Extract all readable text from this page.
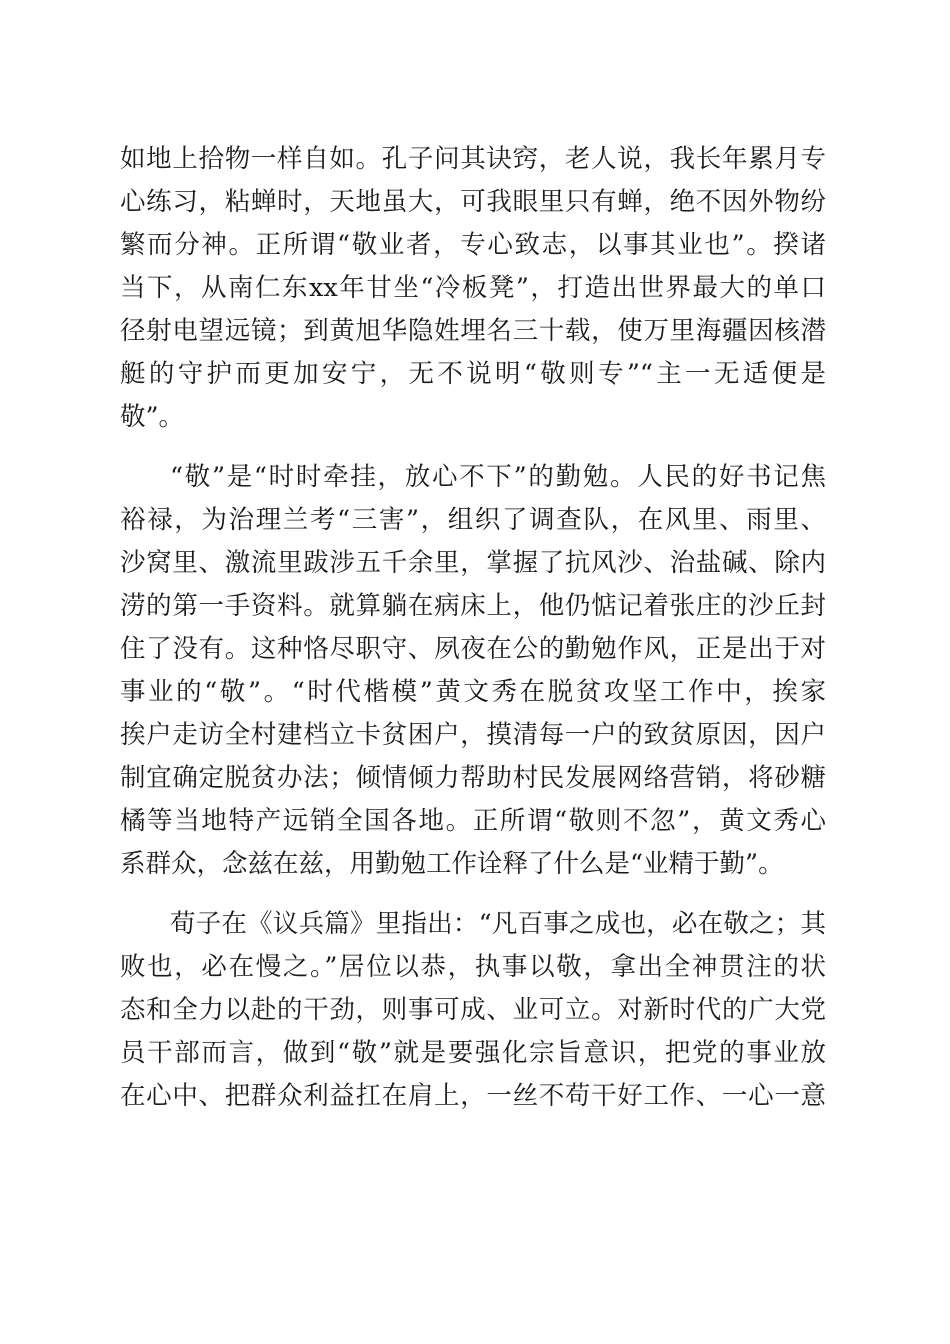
如地上拾物一样自如。孔子问其诀窍，老人说，我长年累月专
心练习，粘蝉时，天地虽大，可我眼里只有蝉，绝不因外物纷
繁而分神。正所谓“敬业者，专心致志，以事其业也”。揆诸
当下，从南仁东xx年甘坐“冷板凳”，打造出世界最大的单口
径射电望远镜；到黄旭华隐姓埋名三十载，使万里海疆因核潜
艇的守护而更加安宁，无不说明“敬则专”“主一无适便是
敬”。
“敬”是“时时牵挂，放心不下”的勤勉。人民的好书记焦
裕禄，为治理兰考“三害”，组织了调查队，在风里、雨里、
沙窝里、激流里跋涉五千余里，掌握了抗风沙、治盐碱、除内
涝的第一手资料。就算躺在病床上，他仍惦记着张庄的沙丘封
住了没有。这种恪尽职守、夙夜在公的勤勉作风，正是出于对
事业的“敬”。“时代楷模”黄文秀在脱贫攻坚工作中，挨家
挨户走访全村建档立卡贫困户，摸清每一户的致贫原因，因户
制宜确定脱贫办法；倾情倾力帮助村民发展网络营销，将砂糖
橘等当地特产远销全国各地。正所谓“敬则不忽”，黄文秀心
系群众，念兹在兹，用勤勉工作诠释了什么是“业精于勤”。
荀子在《议兵篇》里指出：“凡百事之成也，必在敬之；其
败也，必在慢之。”居位以恭，执事以敬，拿出全神贯注的状
态和全力以赴的干劲，则事可成、业可立。对新时代的广大党
员干部而言，做到“敬”就是要强化宗旨意识，把党的事业放
在心中、把群众利益扛在肩上，一丝不苟干好工作、一心一意
